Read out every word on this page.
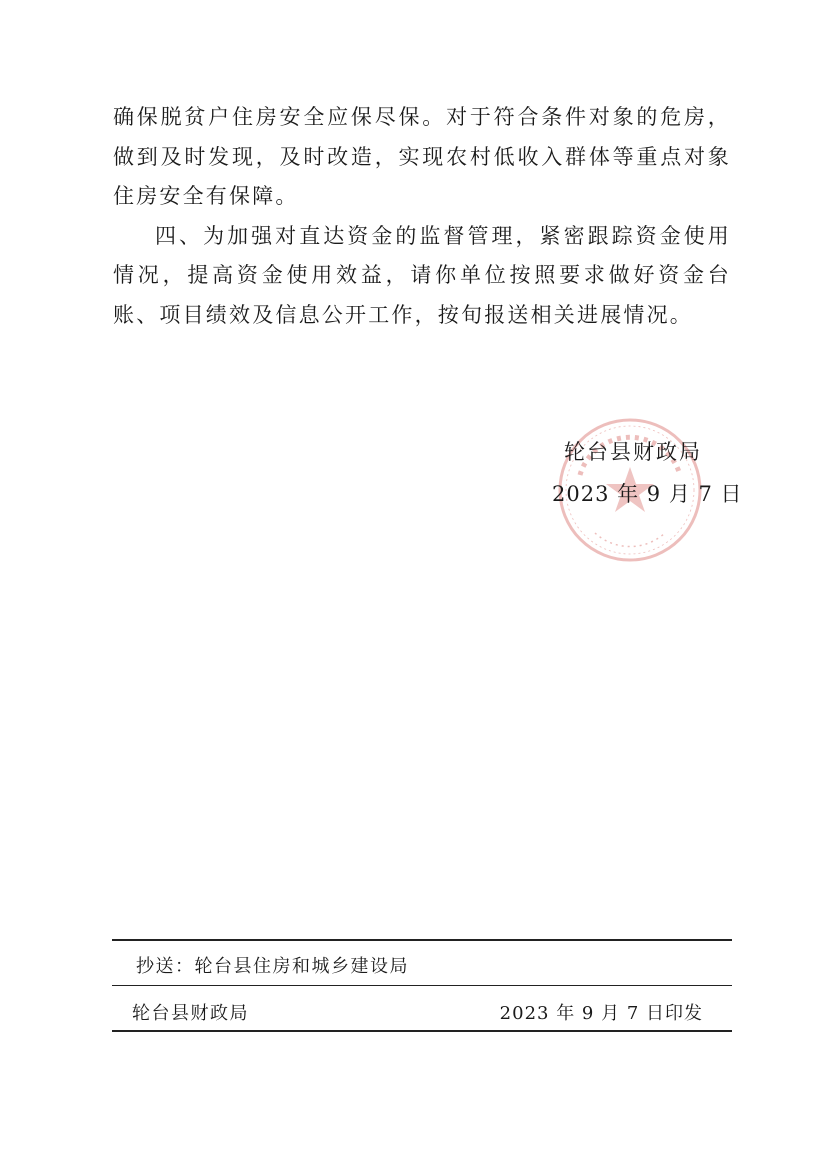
确保脱贫户住房安全应保尽保。对于符合条件对象的危房，做到及时发现，及时改造，实现农村低收入群体等重点对象住房安全有保障。

四、为加强对直达资金的监督管理，紧密跟踪资金使用情况，提高资金使用效益，请你单位按照要求做好资金台账、项目绩效及信息公开工作，按旬报送相关进展情况。

轮台县财政局
2023 年 9 月 7 日
抄送：轮台县住房和城乡建设局
轮台县财政局	2023 年 9 月 7 日印发
